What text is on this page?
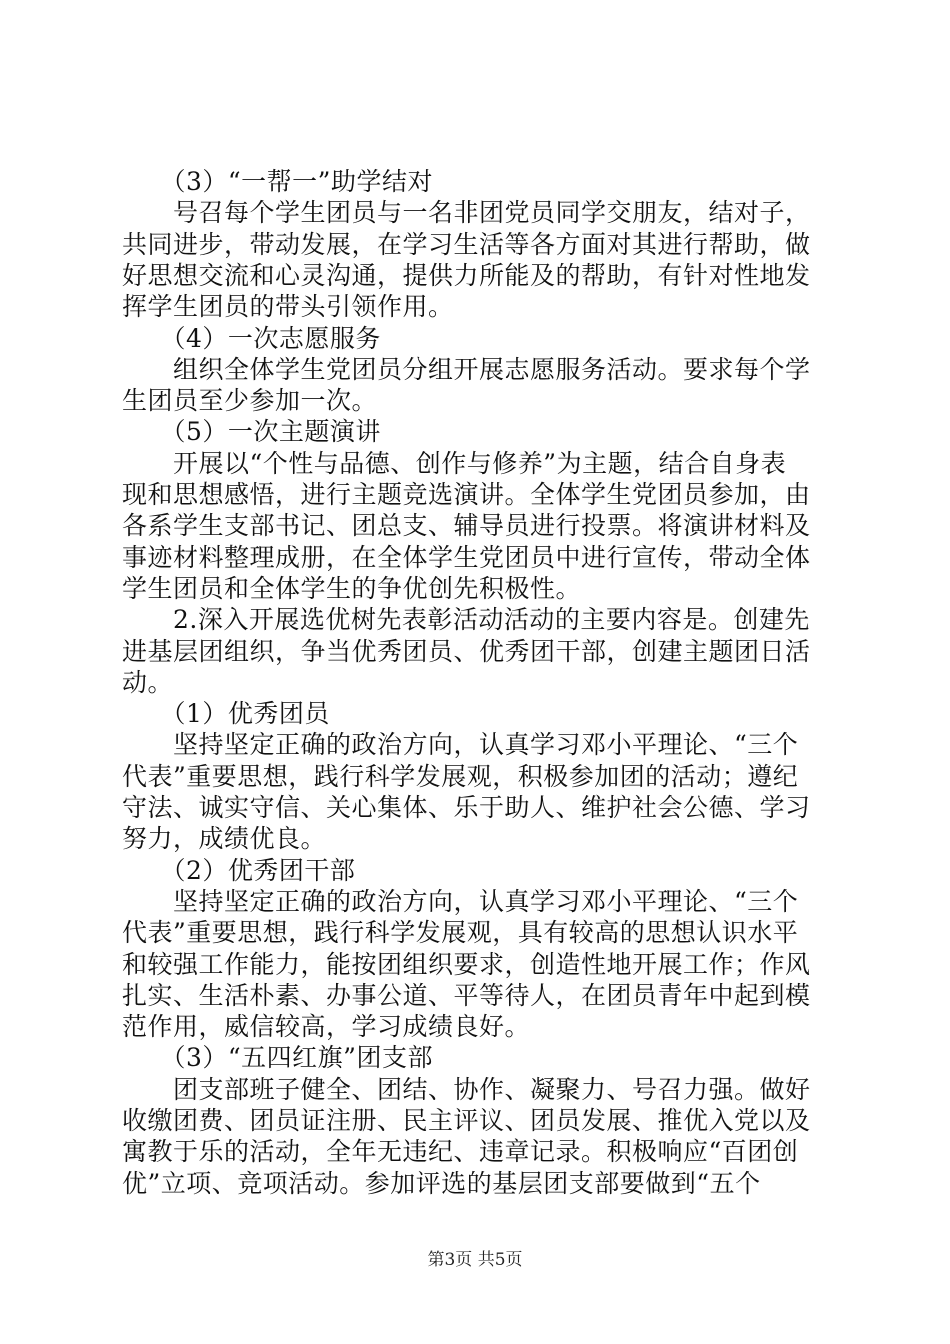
　　（3）“一帮一”助学结对
　　号召每个学生团员与一名非团党员同学交朋友，结对子，
共同进步，带动发展，在学习生活等各方面对其进行帮助，做
好思想交流和心灵沟通，提供力所能及的帮助，有针对性地发
挥学生团员的带头引领作用。
　　（4）一次志愿服务
　　组织全体学生党团员分组开展志愿服务活动。要求每个学
生团员至少参加一次。
　　（5）一次主题演讲
　　开展以“个性与品德、创作与修养”为主题，结合自身表
现和思想感悟，进行主题竞选演讲。全体学生党团员参加，由
各系学生支部书记、团总支、辅导员进行投票。将演讲材料及
事迹材料整理成册，在全体学生党团员中进行宣传，带动全体
学生团员和全体学生的争优创先积极性。
　　2.深入开展选优树先表彰活动活动的主要内容是。创建先
进基层团组织，争当优秀团员、优秀团干部，创建主题团日活
动。
　　（1）优秀团员
　　坚持坚定正确的政治方向，认真学习邓小平理论、“三个
代表”重要思想，践行科学发展观，积极参加团的活动；遵纪
守法、诚实守信、关心集体、乐于助人、维护社会公德、学习
努力，成绩优良。
　　（2）优秀团干部
　　坚持坚定正确的政治方向，认真学习邓小平理论、“三个
代表”重要思想，践行科学发展观，具有较高的思想认识水平
和较强工作能力，能按团组织要求，创造性地开展工作；作风
扎实、生活朴素、办事公道、平等待人，在团员青年中起到模
范作用，威信较高，学习成绩良好。
　　（3）“五四红旗”团支部
　　团支部班子健全、团结、协作、凝聚力、号召力强。做好
收缴团费、团员证注册、民主评议、团员发展、推优入党以及
寓教于乐的活动，全年无违纪、违章记录。积极响应“百团创
优”立项、竞项活动。参加评选的基层团支部要做到“五个
第3页 共5页
